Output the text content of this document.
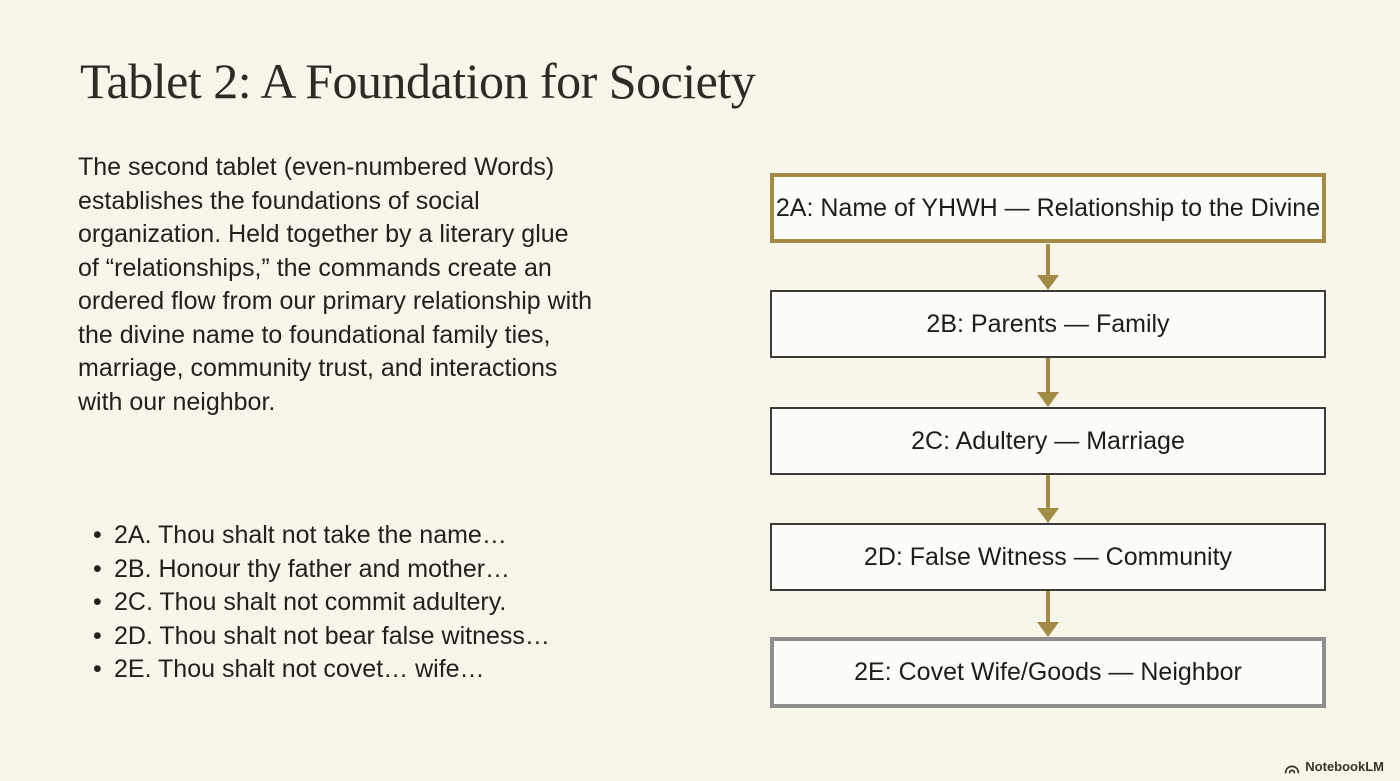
Tablet 2: A Foundation for Society
The second tablet (even-numbered Words)
establishes the foundations of social
organization. Held together by a literary glue
of “relationships,” the commands create an
ordered flow from our primary relationship with
the divine name to foundational family ties,
marriage, community trust, and interactions
with our neighbor.
• 2A. Thou shalt not take the name…
• 2B. Honour thy father and mother…
• 2C. Thou shalt not commit adultery.
• 2D. Thou shalt not bear false witness…
• 2E. Thou shalt not covet… wife…
2A: Name of YHWH — Relationship to the Divine
2B: Parents — Family
2C: Adultery — Marriage
2D: False Witness — Community
2E: Covet Wife/Goods — Neighbor
NotebookLM
